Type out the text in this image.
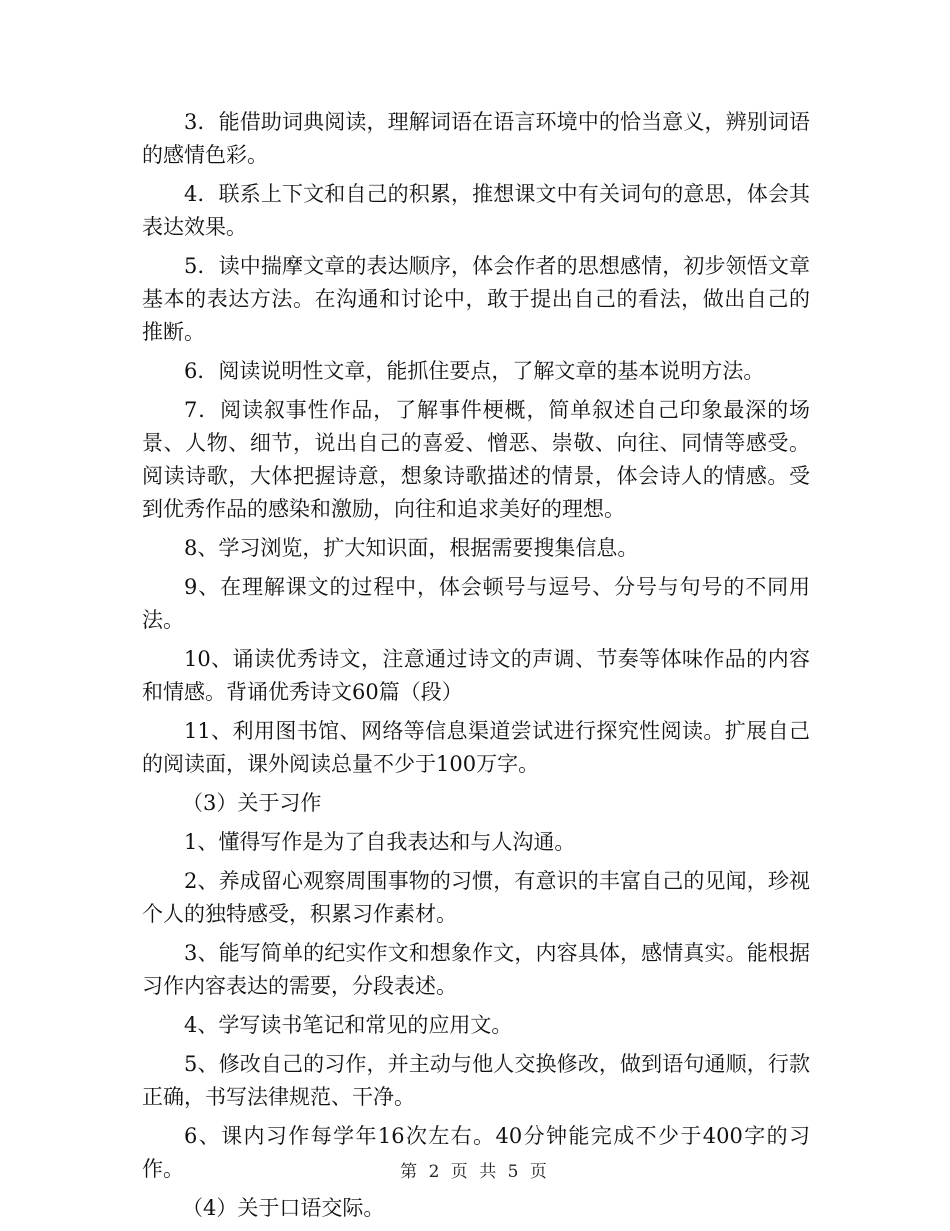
3．能借助词典阅读，理解词语在语言环境中的恰当意义，辨别词语的感情色彩。

4．联系上下文和自己的积累，推想课文中有关词句的意思，体会其表达效果。

5．读中揣摩文章的表达顺序，体会作者的思想感情，初步领悟文章基本的表达方法。在沟通和讨论中，敢于提出自己的看法，做出自己的推断。

6．阅读说明性文章，能抓住要点，了解文章的基本说明方法。

7．阅读叙事性作品，了解事件梗概，简单叙述自己印象最深的场景、人物、细节，说出自己的喜爱、憎恶、崇敬、向往、同情等感受。阅读诗歌，大体把握诗意，想象诗歌描述的情景，体会诗人的情感。受到优秀作品的感染和激励，向往和追求美好的理想。

8、学习浏览，扩大知识面，根据需要搜集信息。

9、在理解课文的过程中，体会顿号与逗号、分号与句号的不同用法。

10、诵读优秀诗文，注意通过诗文的声调、节奏等体味作品的内容和情感。背诵优秀诗文60篇（段）

11、利用图书馆、网络等信息渠道尝试进行探究性阅读。扩展自己的阅读面，课外阅读总量不少于100万字。

（3）关于习作

1、懂得写作是为了自我表达和与人沟通。

2、养成留心观察周围事物的习惯，有意识的丰富自己的见闻，珍视个人的独特感受，积累习作素材。

3、能写简单的纪实作文和想象作文，内容具体，感情真实。能根据习作内容表达的需要，分段表述。

4、学写读书笔记和常见的应用文。

5、修改自己的习作，并主动与他人交换修改，做到语句通顺，行款正确，书写法律规范、干净。

6、课内习作每学年16次左右。40分钟能完成不少于400字的习作。

（4）关于口语交际。

第 2 页 共 5 页
